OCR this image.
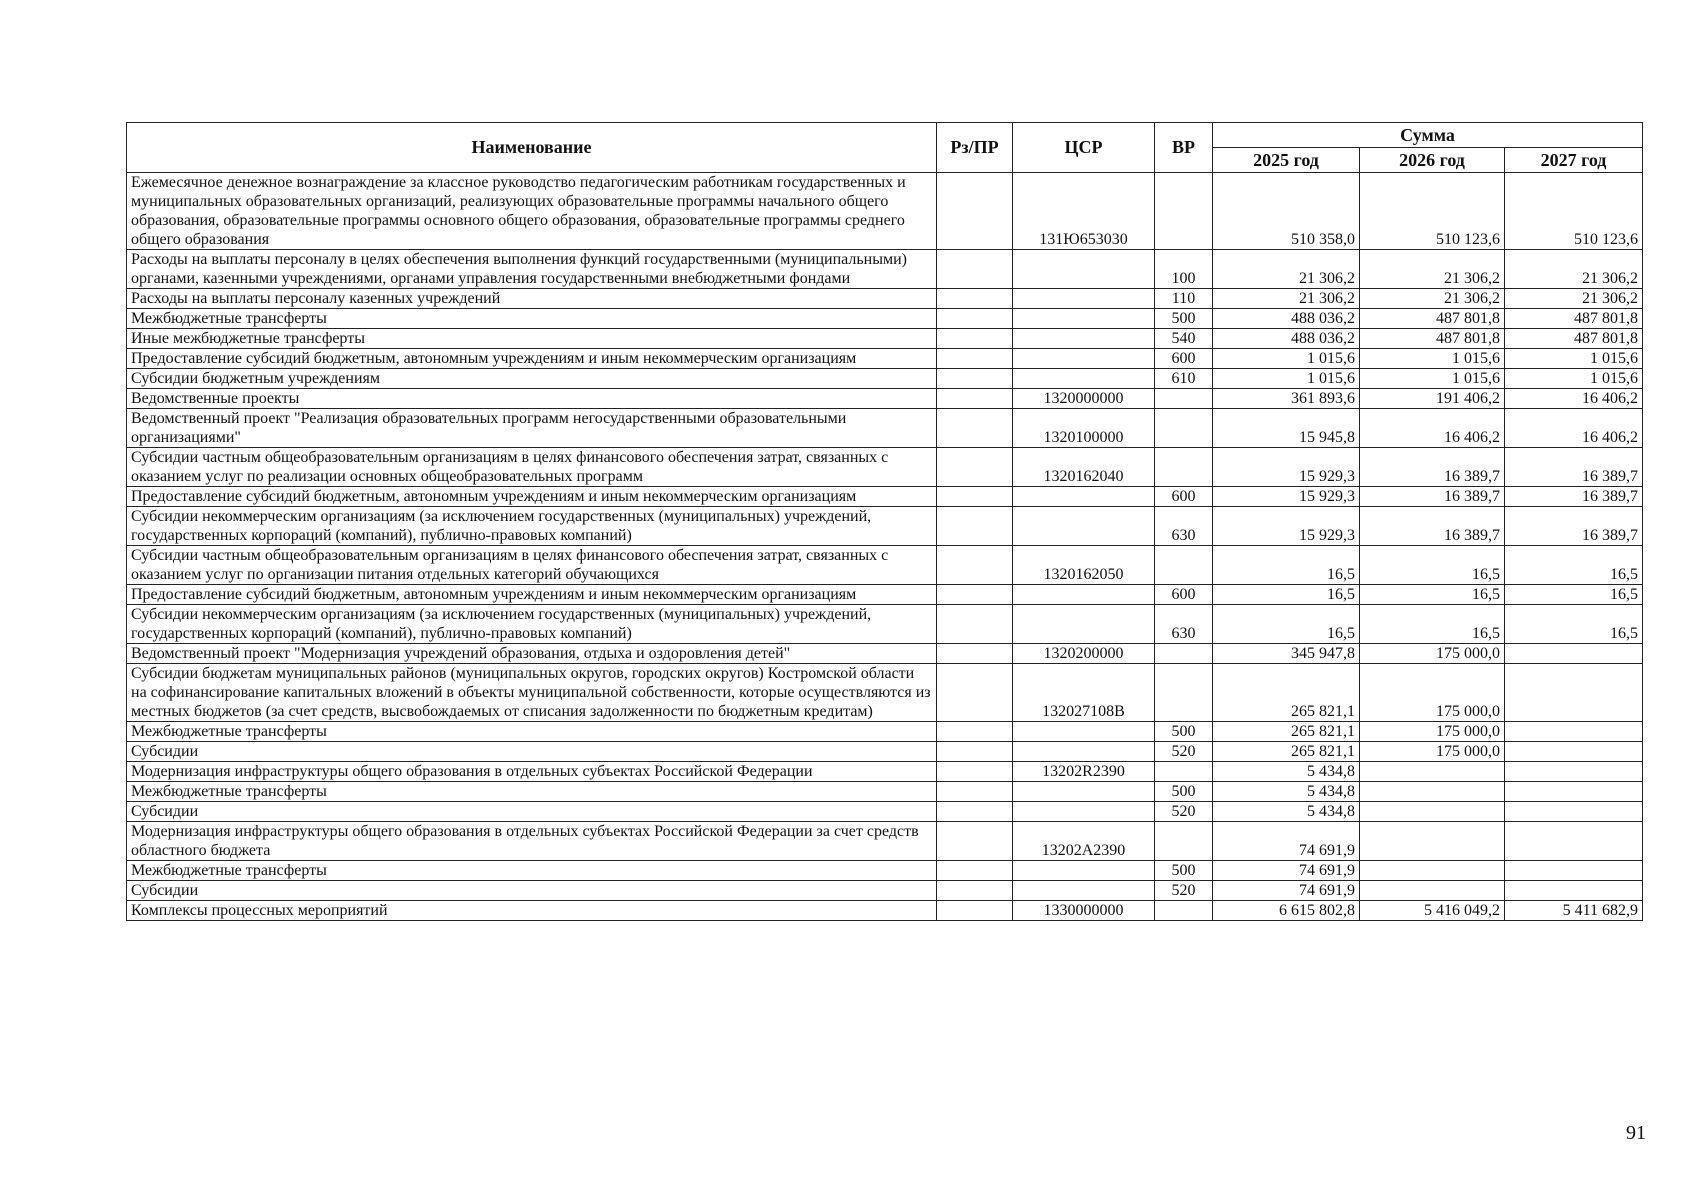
Наименование	Рз/ПР	ЦСР	ВР	Сумма		
				2025 год	2026 год	2027 год
Ежемесячное денежное вознаграждение за классное руководство педагогическим работникам государственных и муниципальных образовательных организаций, реализующих образовательные программы начального общего образования, образовательные программы основного общего образования, образовательные программы среднего общего образования		131Ю653030		510 358,0	510 123,6	510 123,6
Расходы на выплаты персоналу в целях обеспечения выполнения функций государственными (муниципальными) органами, казенными учреждениями, органами управления государственными внебюджетными фондами			100	21 306,2	21 306,2	21 306,2
Расходы на выплаты персоналу казенных учреждений			110	21 306,2	21 306,2	21 306,2
Межбюджетные трансферты			500	488 036,2	487 801,8	487 801,8
Иные межбюджетные трансферты			540	488 036,2	487 801,8	487 801,8
Предоставление субсидий бюджетным, автономным учреждениям и иным некоммерческим организациям			600	1 015,6	1 015,6	1 015,6
Субсидии бюджетным учреждениям			610	1 015,6	1 015,6	1 015,6
Ведомственные проекты		1320000000		361 893,6	191 406,2	16 406,2
Ведомственный проект "Реализация образовательных программ негосударственными образовательными организациями"		1320100000		15 945,8	16 406,2	16 406,2
Субсидии частным общеобразовательным организациям в целях финансового обеспечения затрат, связанных с оказанием услуг по реализации основных общеобразовательных программ		1320162040		15 929,3	16 389,7	16 389,7
Предоставление субсидий бюджетным, автономным учреждениям и иным некоммерческим организациям			600	15 929,3	16 389,7	16 389,7
Субсидии некоммерческим организациям (за исключением государственных (муниципальных) учреждений, государственных корпораций (компаний), публично-правовых компаний)			630	15 929,3	16 389,7	16 389,7
Субсидии частным общеобразовательным организациям в целях финансового обеспечения затрат, связанных с оказанием услуг по организации питания отдельных категорий обучающихся		1320162050		16,5	16,5	16,5
Предоставление субсидий бюджетным, автономным учреждениям и иным некоммерческим организациям			600	16,5	16,5	16,5
Субсидии некоммерческим организациям (за исключением государственных (муниципальных) учреждений, государственных корпораций (компаний), публично-правовых компаний)			630	16,5	16,5	16,5
Ведомственный проект "Модернизация учреждений образования, отдыха и оздоровления детей"		1320200000		345 947,8	175 000,0	
Субсидии бюджетам муниципальных районов (муниципальных округов, городских округов) Костромской области на софинансирование капитальных вложений в объекты муниципальной собственности, которые осуществляются из местных бюджетов (за счет средств, высвобождаемых от списания задолженности по бюджетным кредитам)		132027108В		265 821,1	175 000,0	
Межбюджетные трансферты			500	265 821,1	175 000,0	
Субсидии			520	265 821,1	175 000,0	
Модернизация инфраструктуры общего образования в отдельных субъектах Российской Федерации		13202R2390		5 434,8		
Межбюджетные трансферты			500	5 434,8		
Субсидии			520	5 434,8		
Модернизация инфраструктуры общего образования в отдельных субъектах Российской Федерации за счет средств областного бюджета		13202А2390		74 691,9		
Межбюджетные трансферты			500	74 691,9		
Субсидии			520	74 691,9		
Комплексы процессных мероприятий		1330000000		6 615 802,8	5 416 049,2	5 411 682,9
91
